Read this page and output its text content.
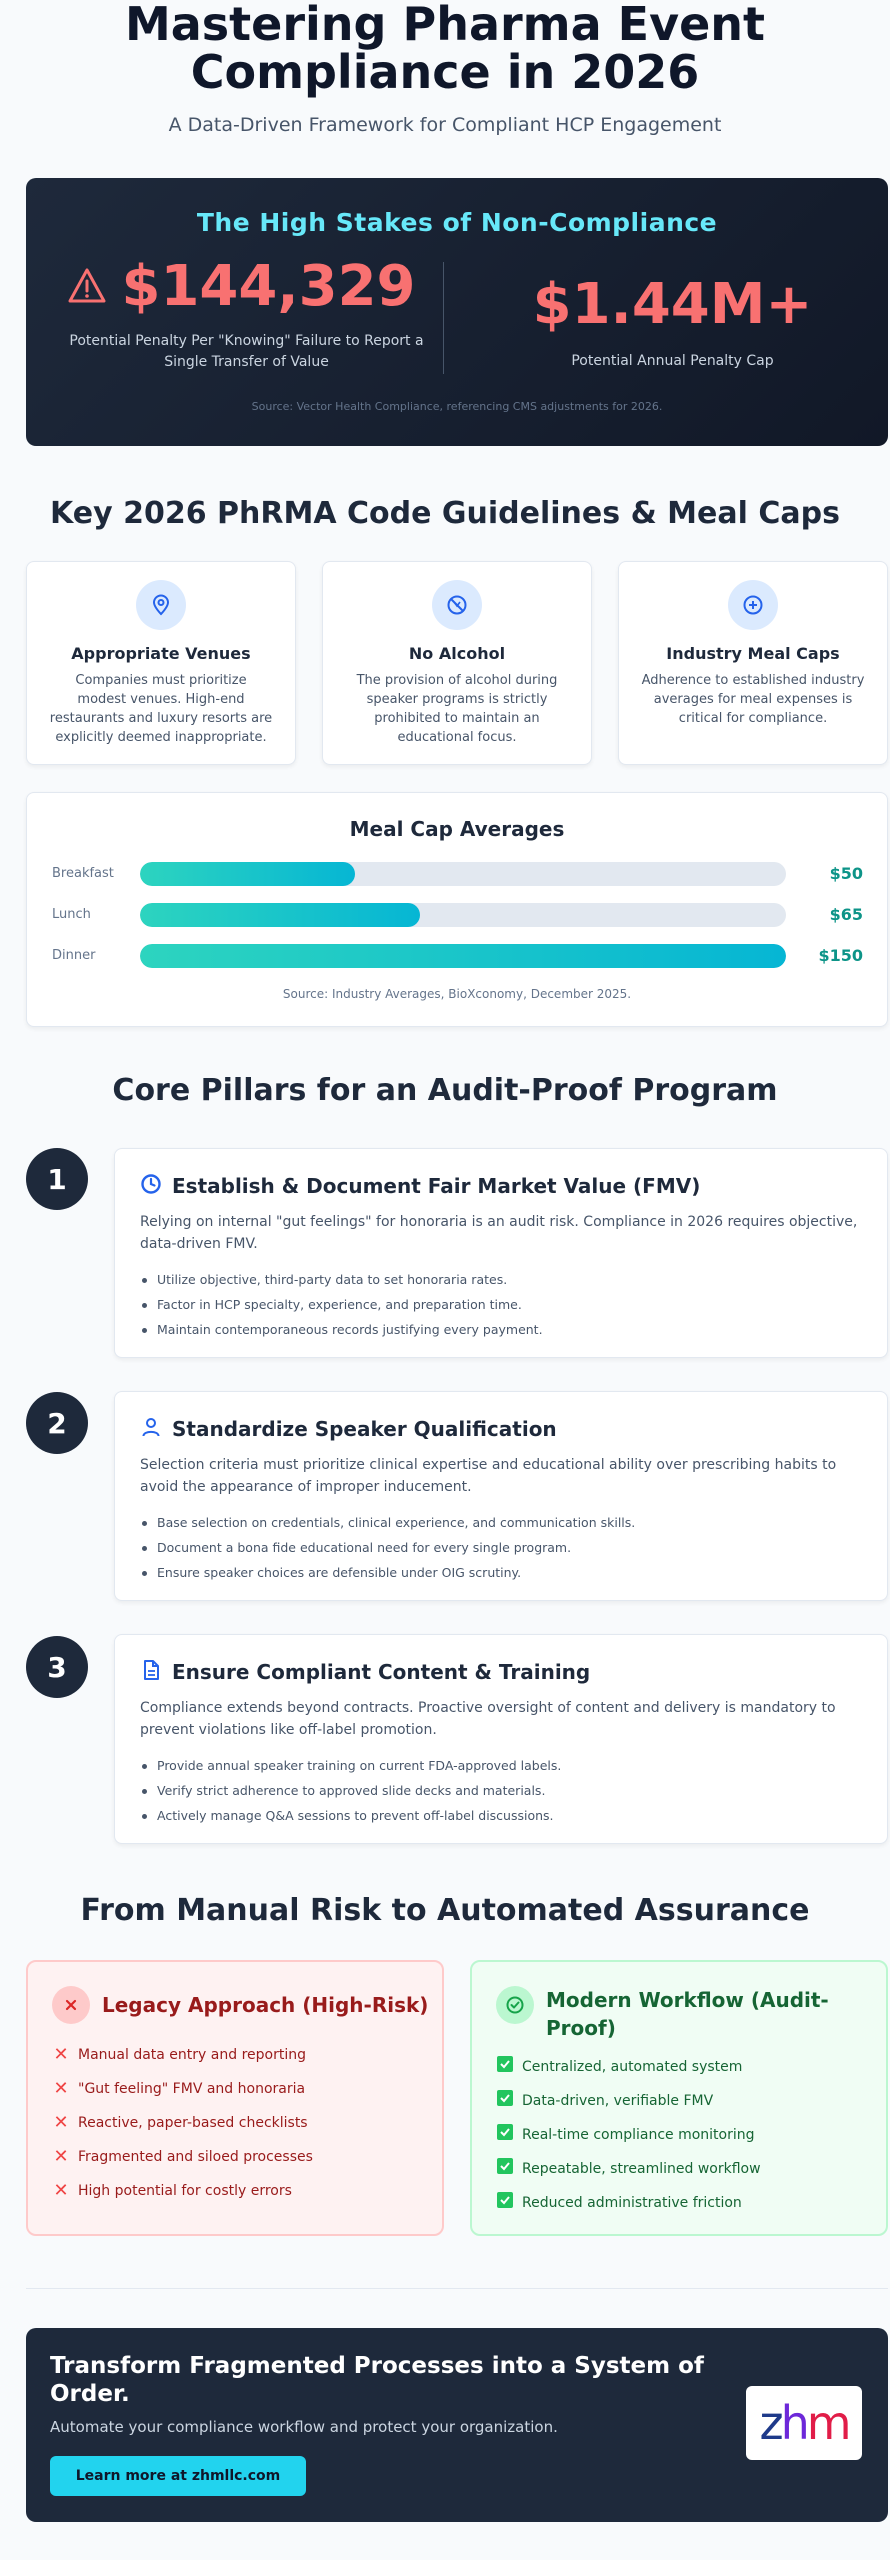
Mastering Pharma Event
Compliance in 2026
A Data-Driven Framework for Compliant HCP Engagement
The High Stakes of Non-Compliance
$144,329
Potential Penalty Per "Knowing" Failure to Report a Single Transfer of Value
$1.44M+
Potential Annual Penalty Cap
Source: Vector Health Compliance, referencing CMS adjustments for 2026.
Key 2026 PhRMA Code Guidelines & Meal Caps
Appropriate Venues
Companies must prioritize modest venues. High-end restaurants and luxury resorts are explicitly deemed inappropriate.
No Alcohol
The provision of alcohol during speaker programs is strictly prohibited to maintain an educational focus.
Industry Meal Caps
Adherence to established industry averages for meal expenses is critical for compliance.
Meal Cap Averages
Breakfast	$50
Lunch	$65
Dinner	$150
Source: Industry Averages, BioXconomy, December 2025.
Core Pillars for an Audit-Proof Program
1	Establish & Document Fair Market Value (FMV)
Relying on internal "gut feelings" for honoraria is an audit risk. Compliance in 2026 requires objective, data-driven FMV.
Utilize objective, third-party data to set honoraria rates.
Factor in HCP specialty, experience, and preparation time.
Maintain contemporaneous records justifying every payment.
2	Standardize Speaker Qualification
Selection criteria must prioritize clinical expertise and educational ability over prescribing habits to avoid the appearance of improper inducement.
Base selection on credentials, clinical experience, and communication skills.
Document a bona fide educational need for every single program.
Ensure speaker choices are defensible under OIG scrutiny.
3	Ensure Compliant Content & Training
Compliance extends beyond contracts. Proactive oversight of content and delivery is mandatory to prevent violations like off-label promotion.
Provide annual speaker training on current FDA-approved labels.
Verify strict adherence to approved slide decks and materials.
Actively manage Q&A sessions to prevent off-label discussions.
From Manual Risk to Automated Assurance
Legacy Approach (High-Risk)
✕ Manual data entry and reporting
✕ "Gut feeling" FMV and honoraria
✕ Reactive, paper-based checklists
✕ Fragmented and siloed processes
✕ High potential for costly errors
Modern Workflow (Audit-Proof)
Centralized, automated system
Data-driven, verifiable FMV
Real-time compliance monitoring
Repeatable, streamlined workflow
Reduced administrative friction
Transform Fragmented Processes into a System of Order.
Automate your compliance workflow and protect your organization.
Learn more at zhmllc.com
zhm
